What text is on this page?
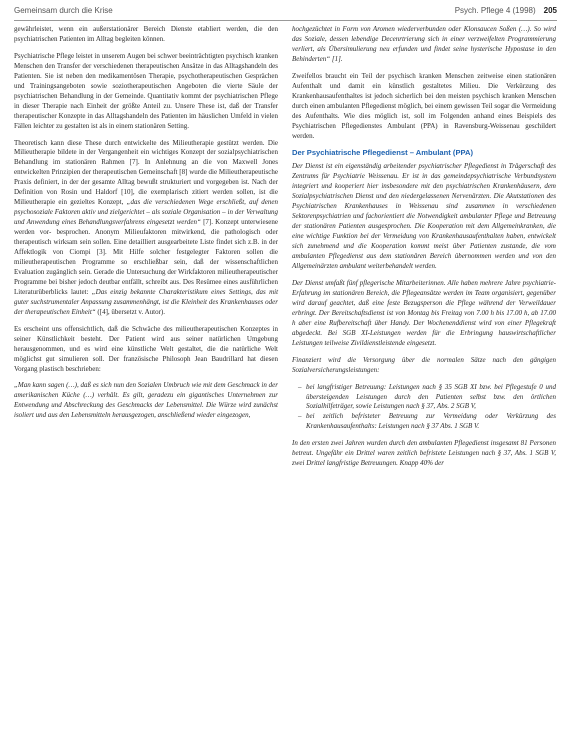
Gemeinsam durch die Krise	Psych. Pflege 4 (1998) 205

gewährleistet, wenn ein außerstationärer Bereich Dienste etabliert werden, die den psychiatrischen Patienten im Alltag begleiten können.

Psychiatrische Pflege leistet in unserem Augen bei schwer beeinträchtigten psychisch kranken Menschen den Transfer der verschiedenen therapeutischen Ansätze in das Alltagshandeln des Patienten. Sie ist neben den medikamentösen Therapie, psychotherapeutischen Gesprächen und Trainingsangeboten sowie soziotherapeutischen Angeboten die vierte Säule der psychiatrischen Behandlung in der Gemeinde. Quantitativ kommt der psychiatrischen Pflege in dieser Therapie nach Einheit der größte Anteil zu. Unsere These ist, daß der Transfer therapeutischer Konzepte in das Alltagshandeln des Patienten im häuslichen Umfeld in vielen Fällen leichter zu gestalten ist als in einem stationären Setting.

Theoretisch kann diese These durch entwickelte des Milieutherapie gestützt werden. Die Milieutherapie bildete in der Vergangenheit ein wichtiges Konzept der sozialpsychiatrischen Behandlung im stationären Rahmen [7]. In Anlehnung an die von Maxwell Jones entwickelten Prinzipien der therapeutischen Gemeinschaft [8] wurde die Milieutherapeutische Praxis definiert, in der der gesamte Alltag bewußt strukturiert und vorgegeben ist. Nach der Definition von Rosin und Haldorf [10], die exemplarisch zitiert werden sollen, ist die Milieutherapie ein gezieltes Konzept, „das die verschiedenen Wege erschließt, auf denen psychosoziale Faktoren aktiv und zielgerichtet – als soziale Organisation – in der Verwaltung und Anwendung eines Behandlungsverfahrens eingesetzt werden“ [7]. Konzept unterwiesene werden vor- besprochen. Anonym Milieufaktoren mitwirkend, die pathologisch oder therapeutisch wirksam sein sollen. Eine detailliert ausgearbeitete Liste findet sich z.B. in der Affektlogik von Ciompi [3]. Mit Hilfe solcher festgelegter Faktoren sollen die milieutherapeutischen Programme so erschließbar sein, daß der wissenschaftlichen Evaluation zugänglich sein. Gerade die Untersuchung der Wirkfaktoren milieutherapeutischer Programme bei bisher jedoch deutbar entfällt, schreibt aus. Des Resümee eines ausführlichen Literaturüberblicks lautet: „Das einzig bekannte Charakteristikum eines Settings, das mit guter suchstrumentaler Anpassung zusammenhängt, ist die Kleinheit des Krankenhauses oder der therapeutischen Einheit“ ([4], übersetzt v. Autor).

Es erscheint uns offensichtlich, daß die Schwäche des milieutherapeutischen Konzeptes in seiner Künstlichkeit besteht. Der Patient wird aus seiner natürlichen Umgebung herausgenommen, und es wird eine künstliche Welt gestaltet, die die natürliche Welt möglichst gut simulieren soll. Der französische Philosoph Jean Baudrillard hat diesen Vorgang plastisch beschrieben:

„Man kann sagen (…), daß es sich nun den Sozialen Umbruch wie mit dem Geschmack in der amerikanischen Küche (…) verhält. Es gilt, geradezu ein gigantisches Unternehmen zur Entwendung und Abschreckung des Geschmacks der Lebensmittel. Die Würze wird zunächst isoliert und aus den Lebensmitteln herausgezogen, anschließend wieder eingezogen,

hochgezüchtet in Form von Aromen wiederverbunden oder Klonsaucen Soßen (…). So wird das Soziale, dessen lebendige Decenrtrierung sich in einer verzweifelten Programmierung verliert, als Übersimulierung neu erfunden und findet seine hysterische Hypostase in den Behinderten“ [1].

Zweifellos braucht ein Teil der psychisch kranken Menschen zeitweise einen stationären Aufenthalt und damit ein künstlich gestaltetes Milieu. Die Verkürzung des Krankenhausaufenthaltes ist jedoch sicherlich bei den meisten psychisch kranken Menschen durch einen ambulanten Pflegedienst möglich, bei einem gewissen Teil sogar die Vermeidung des Aufenthalts. Wie dies möglich ist, soll im Folgenden anhand eines Beispiels des Psychiatrischen Pflegedienstes Ambulant (PPA) in Ravensburg-Weissenau geschildert werden.

Der Psychiatrische Pflegedienst – Ambulant (PPA)

Der Dienst ist ein eigenständig arbeitender psychiatrischer Pflegedienst in Trägerschaft des Zentrums für Psychiatrie Weissenau. Er ist in das gemeindepsychiatrische Verbundsystem integriert und kooperiert hier insbesondere mit den psychiatrischen Krankenhäusern, dem Sozialpsychiatrischen Dienst und den niedergelassenen Nervenärzten. Die Akutstationen des Psychiatrischen Krankenhauses in Weissenau sind zusammen in verschiedenen Sektorenpsychiatrien und fachorientiert die Notwendigkeit ambulanter Pflege und Betreuung der stationären Patienten ausgesprochen. Die Kooperation mit dem Allgemeinkranken, die eine wichtige Funktion bei der Vermeidung von Krankenhausaufenthalten haben, entwickelt sich zunehmend und die Kooperation kommt meist über Patienten zustande, die vom ambulanten Pflegedienst aus dem stationären Bereich übernommen werden und von den Allgemeinärzten ambulant weiterbehandelt werden.

Der Dienst umfaßt fünf pflegerische Mitarbeiterinnen. Alle haben mehrere Jahre psychiatrie-Erfahrung im stationären Bereich, die Pflegeansätze werden im Team organisiert, gegenüber wird darauf geachtet, daß eine feste Bezugsperson die Pflege während der Verweildauer erbringt. Der Bereitschaftsdienst ist von Montag bis Freitag von 7.00 h bis 17.00 h, ab 17.00 h aber eine Rufbereitschaft über Handy. Der Wochenenddienst wird von einer Pflegekraft abgedeckt. Bei SGB XI-Leistungen werden für die Erbringung hauswirtschaftlicher Leistungen teilweise Zivildienstleistende eingesetzt.

Finanziert wird die Versorgung über die normalen Sätze nach den gängigen Sozialversicherungsleistungen:

– bei langfristiger Betreuung: Leistungen nach § 35 SGB XI bzw. bei Pflegestufe 0 und übersteigenden Leistungen durch den Patienten selbst bzw. den örtlichen Sozialhilfeträger, sowie Leistungen nach § 37, Abs. 2 SGB V,
– bei zeitlich befristeter Betreuung zur Vermeidung oder Verkürzung des Krankenhausaufenthalts: Leistungen nach § 37 Abs. 1 SGB V.

In den ersten zwei Jahren wurden durch den ambulanten Pflegedienst insgesamt 81 Personen betreut. Ungefähr ein Drittel waren zeitlich befristete Leistungen nach § 37, Abs. 1 SGB V, zwei Drittel langfristige Betreuungen. Knapp 40% der
